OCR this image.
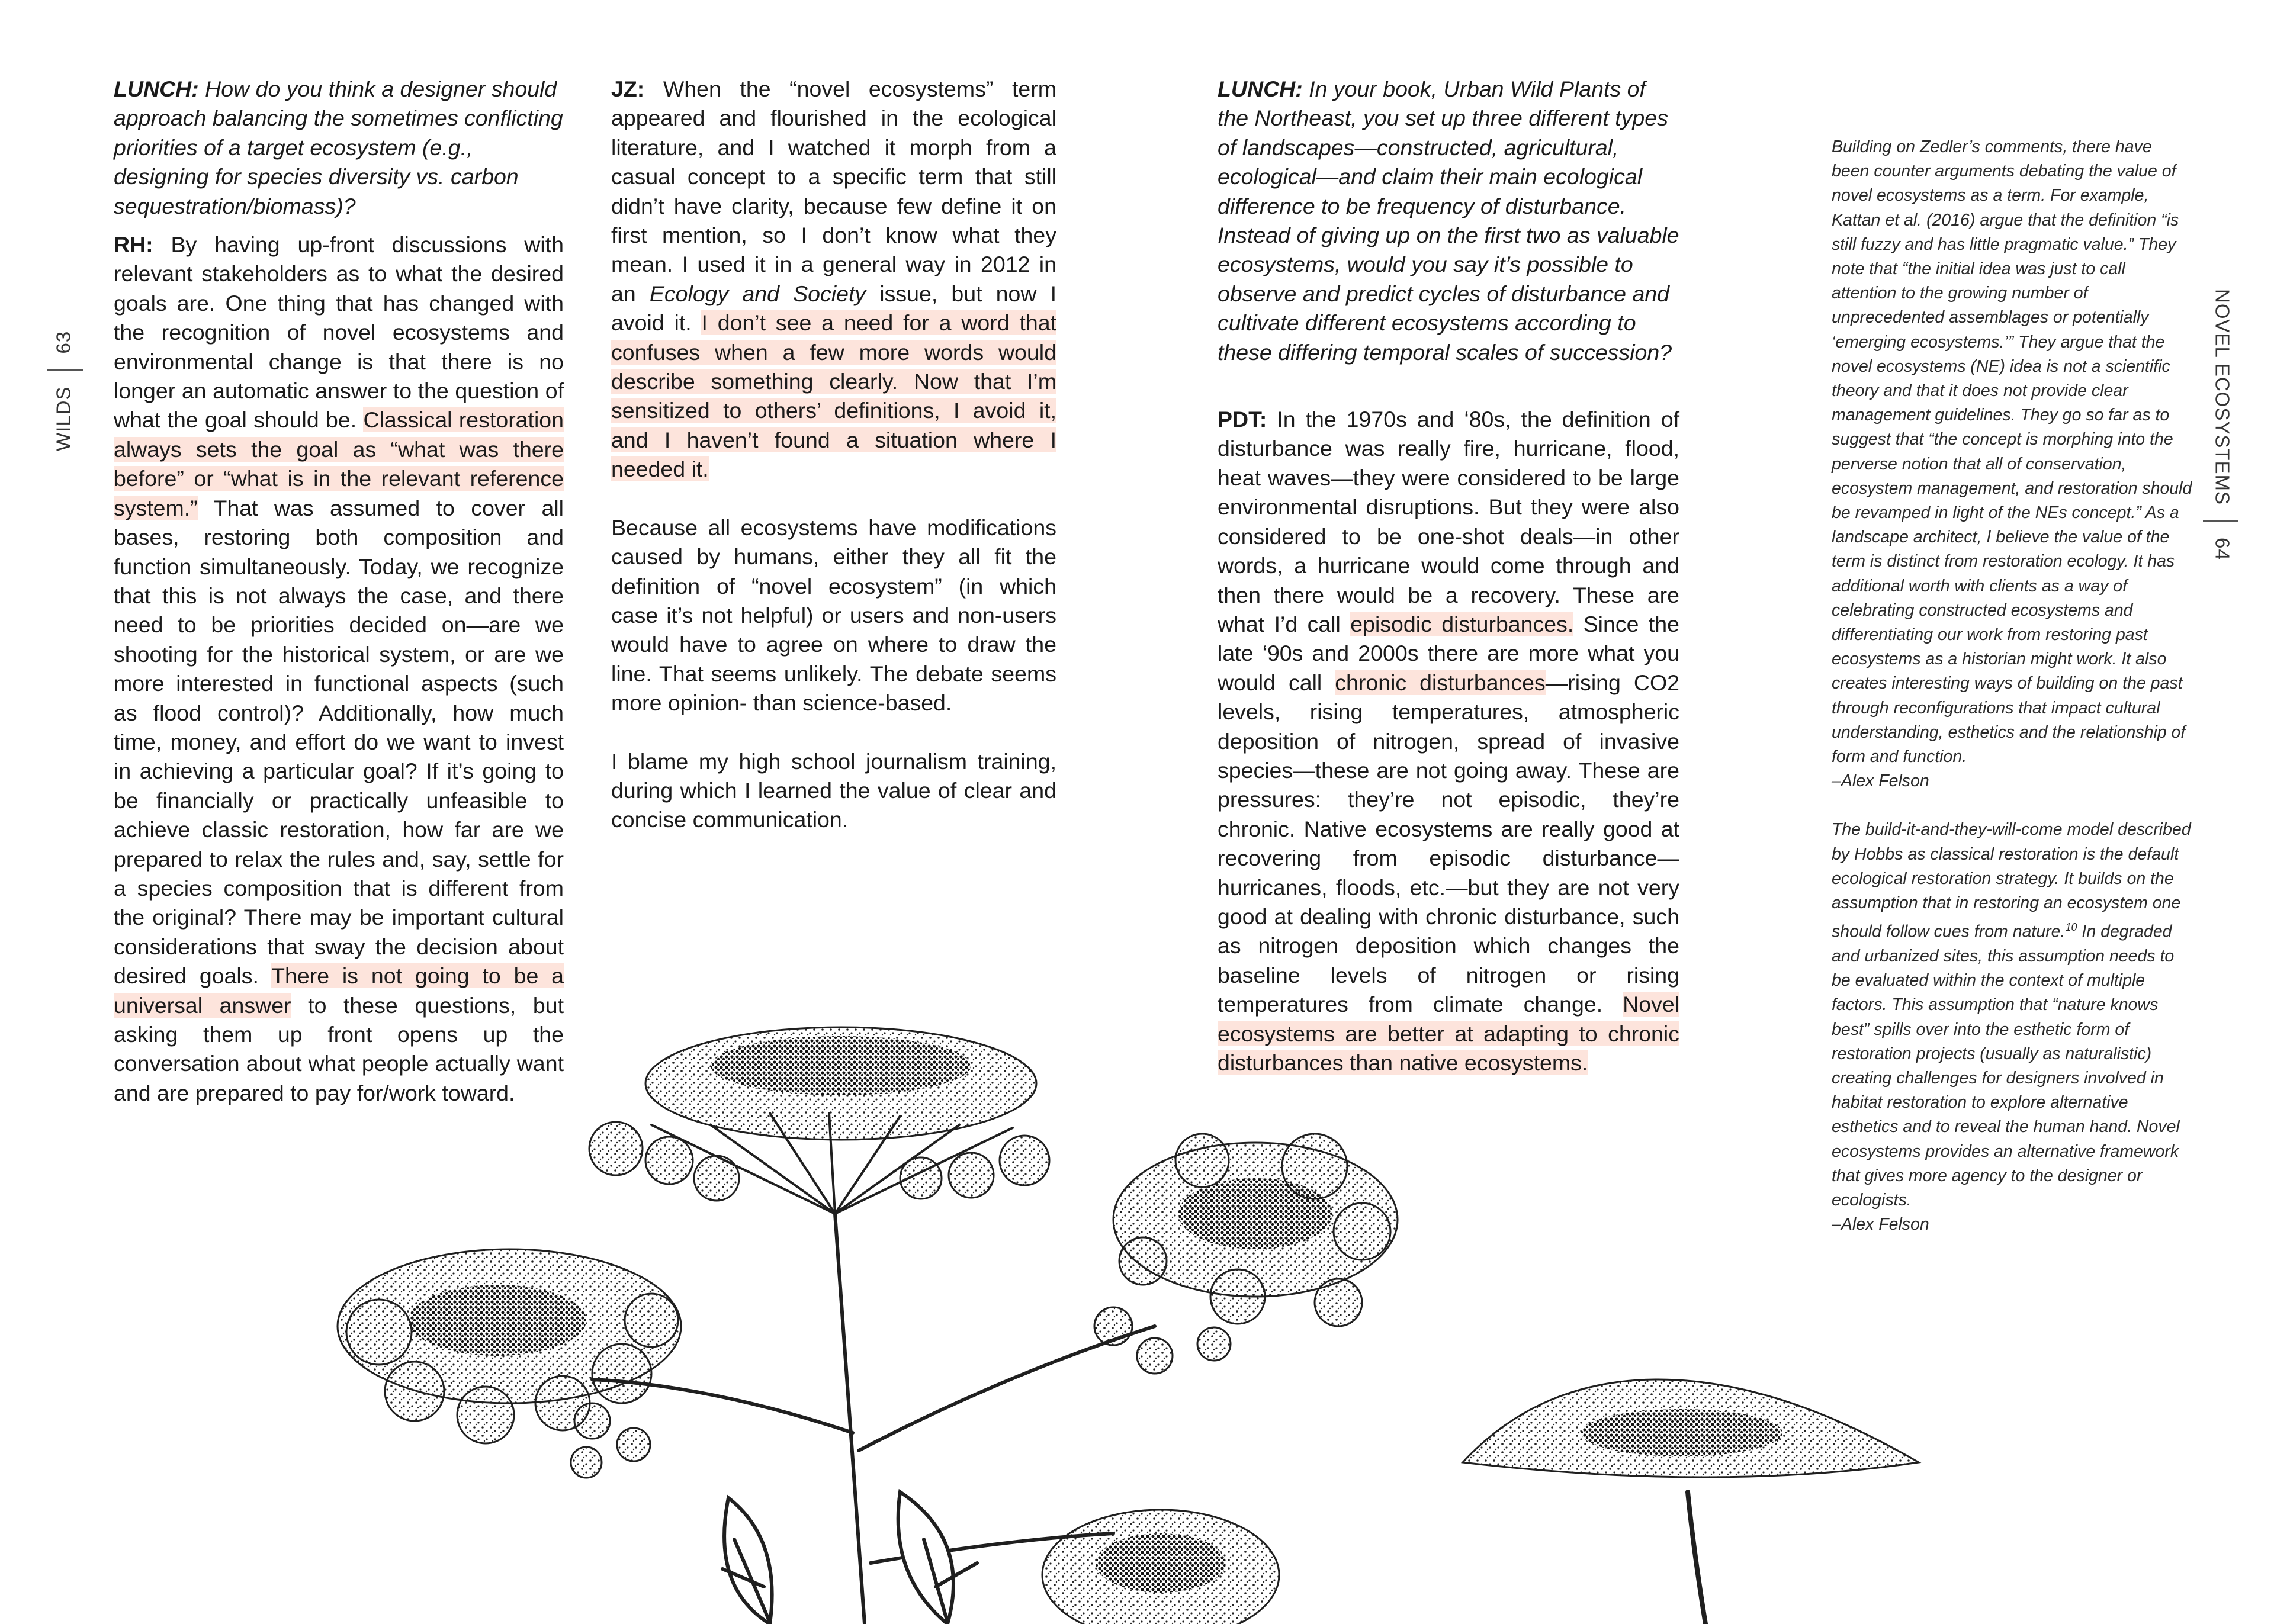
WILDS63	NOVEL ECOSYSTEMS64

LUNCH: How do you think a designer should approach balancing the sometimes conflicting priorities of a target ecosystem (e.g., designing for species diversity vs. carbon sequestration/biomass)?

RH: By having up-front discussions with relevant stakeholders as to what the desired goals are. One thing that has changed with the recognition of novel ecosystems and environmental change is that there is no longer an automatic answer to the question of what the goal should be. Classical restoration always sets the goal as “what was there before” or “what is in the relevant reference system.” That was assumed to cover all bases, restoring both composition and function simultaneously. Today, we recognize that this is not always the case, and there need to be priorities decided on—are we shooting for the historical system, or are we more interested in functional aspects (such as flood control)? Additionally, how much time, money, and effort do we want to invest in achieving a particular goal? If it’s going to be financially or practically unfeasible to achieve classic restoration, how far are we prepared to relax the rules and, say, settle for a species composition that is different from the original? There may be important cultural considerations that sway the decision about desired goals. There is not going to be a universal answer to these questions, but asking them up front opens up the conversation about what people actually want and are prepared to pay for/work toward.

JZ: When the “novel ecosystems” term appeared and flourished in the ecological literature, and I watched it morph from a casual concept to a specific term that still didn’t have clarity, because few define it on first mention, so I don’t know what they mean. I used it in a general way in 2012 in an Ecology and Society issue, but now I avoid it. I don’t see a need for a word that confuses when a few more words would describe something clearly. Now that I’m sensitized to others’ definitions, I avoid it, and I haven’t found a situation where I needed it.

Because all ecosystems have modifications caused by humans, either they all fit the definition of “novel ecosystem” (in which case it’s not helpful) or users and non-users would have to agree on where to draw the line. That seems unlikely. The debate seems more opinion- than science-based.

I blame my high school journalism training, during which I learned the value of clear and concise communication.

LUNCH: In your book, Urban Wild Plants of the Northeast, you set up three different types of landscapes—constructed, agricultural, ecological—and claim their main ecological difference to be frequency of disturbance. Instead of giving up on the first two as valuable ecosystems, would you say it’s possible to observe and predict cycles of disturbance and cultivate different ecosystems according to these differing temporal scales of succession?

PDT: In the 1970s and ‘80s, the definition of disturbance was really fire, hurricane, flood, heat waves—they were considered to be large environmental disruptions. But they were also considered to be one-shot deals—in other words, a hurricane would come through and then there would be a recovery. These are what I’d call episodic disturbances. Since the late ‘90s and 2000s there are more what you would call chronic disturbances—rising CO2 levels, rising temperatures, atmospheric deposition of nitrogen, spread of invasive species—these are not going away. These are pressures: they’re not episodic, they’re chronic. Native ecosystems are really good at recovering from episodic disturbance—hurricanes, floods, etc.—but they are not very good at dealing with chronic disturbance, such as nitrogen deposition which changes the baseline levels of nitrogen or rising temperatures from climate change. Novel ecosystems are better at adapting to chronic disturbances than native ecosystems.

Building on Zedler’s comments, there have been counter arguments debating the value of novel ecosystems as a term. For example, Kattan et al. (2016) argue that the definition “is still fuzzy and has little pragmatic value.” They note that “the initial idea was just to call attention to the growing number of unprecedented assemblages or potentially ‘emerging ecosystems.’” They argue that the novel ecosystems (NE) idea is not a scientific theory and that it does not provide clear management guidelines. They go so far as to suggest that “the concept is morphing into the perverse notion that all of conservation, ecosystem management, and restoration should be revamped in light of the NEs concept.” As a landscape architect, I believe the value of the term is distinct from restoration ecology. It has additional worth with clients as a way of celebrating constructed ecosystems and differentiating our work from restoring past ecosystems as a historian might work. It also creates interesting ways of building on the past through reconfigurations that impact cultural understanding, esthetics and the relationship of form and function.
–Alex Felson

The build-it-and-they-will-come model described by Hobbs as classical restoration is the default ecological restoration strategy. It builds on the assumption that in restoring an ecosystem one should follow cues from nature.$^{10}$ In degraded and urbanized sites, this assumption needs to be evaluated within the context of multiple factors. This assumption that “nature knows best” spills over into the esthetic form of restoration projects (usually as naturalistic) creating challenges for designers involved in habitat restoration to explore alternative esthetics and to reveal the human hand. Novel ecosystems provides an alternative framework that gives more agency to the designer or ecologists.
–Alex Felson
